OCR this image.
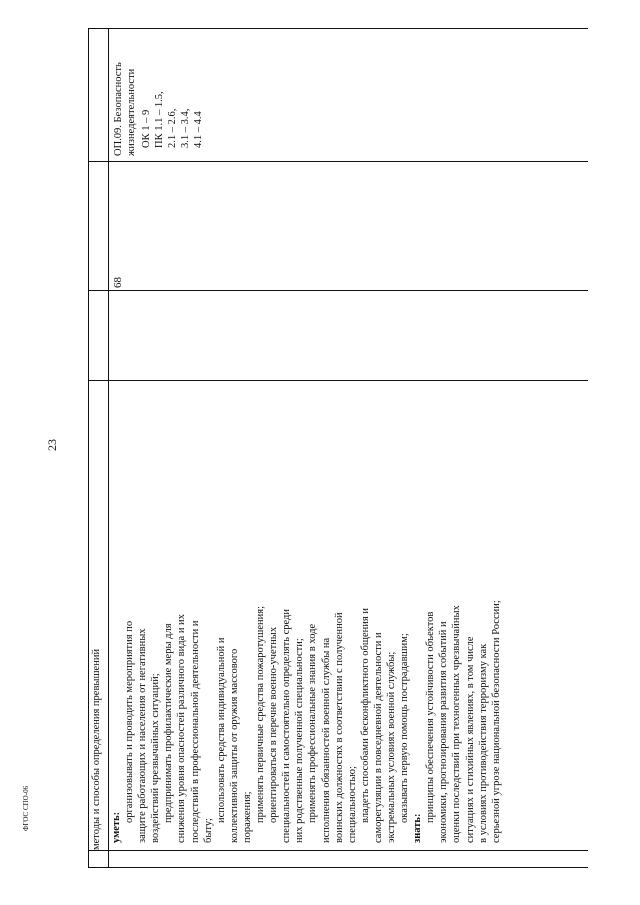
23
ФГОС СПО-06	методы и способы определения превышений уметь:
организовывать и проводить мероприятия по защите работающих и населения от негативных воздействий чрезвычайных ситуаций; предпринимать профилактические меры для снижения уровня опасностей различного вида и их последствий в профессиональной деятельности и быту;
использовать средства индивидуальной и коллективной защиты от оружия массового поражения; применять первичные средства пожаротушения; ориентироваться в перечне военно-учетных специальностей и самостоятельно определять среди них родственные полученной специальности; применять профессиональные знания в ходе исполнения обязанностей военной службы на воинских должностях в соответствии с полученной специальностью; владеть способами бесконфликтного общения и саморегуляции в повседневной деятельности и экстремальных условиях военной службы; оказывать первую помощь пострадавшим;
знать:
принципы обеспечения устойчивости объектов экономики, прогнозирования развития событий и оценки последствий при техногенных чрезвычайных ситуациях и стихийных явлениях, в том числе в условиях противодействия терроризму как серьезной угрозе национальной безопасности России;
68
ОП.09. Безопасность жизнедеятельности ОК 1 – 9 ПК 1.1 – 1.5, 2.1 – 2.6, 3.1 – 3.4, 4.1 – 4.4
